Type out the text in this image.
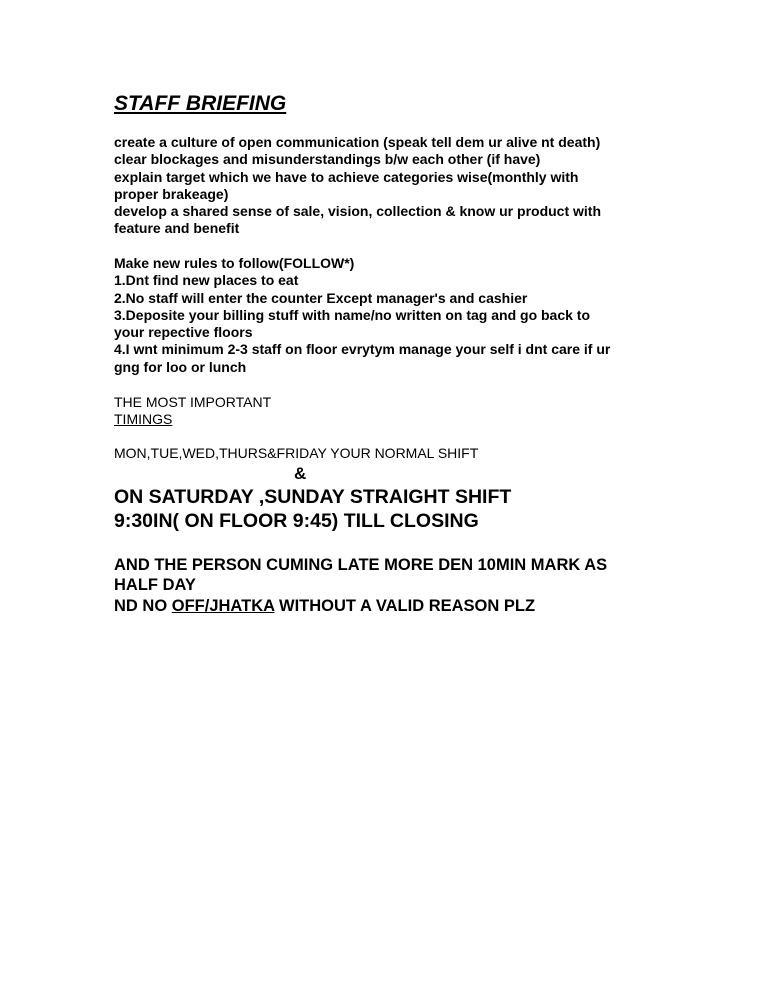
STAFF BRIEFING
create a culture of open communication (speak tell dem ur alive nt death)
clear blockages and misunderstandings b/w each other (if have)
explain target which we have to achieve categories wise(monthly with
proper brakeage)
develop a shared sense of sale, vision, collection & know ur product with
feature and benefit
Make new rules to follow(FOLLOW*)
1.Dnt find new places to eat
2.No staff will enter the counter Except manager's and cashier
3.Deposite your billing stuff with name/no written on tag and go back to
your repective floors
4.I wnt minimum 2-3 staff on floor evrytym manage your self i dnt care if ur
gng for loo or lunch
THE MOST IMPORTANT
TIMINGS
MON,TUE,WED,THURS&FRIDAY YOUR NORMAL SHIFT
&
ON SATURDAY ,SUNDAY STRAIGHT SHIFT
9:30IN( ON FLOOR 9:45) TILL CLOSING
AND THE PERSON CUMING LATE MORE DEN 10MIN MARK AS
HALF DAY
ND NO OFF/JHATKA WITHOUT A VALID REASON PLZ
